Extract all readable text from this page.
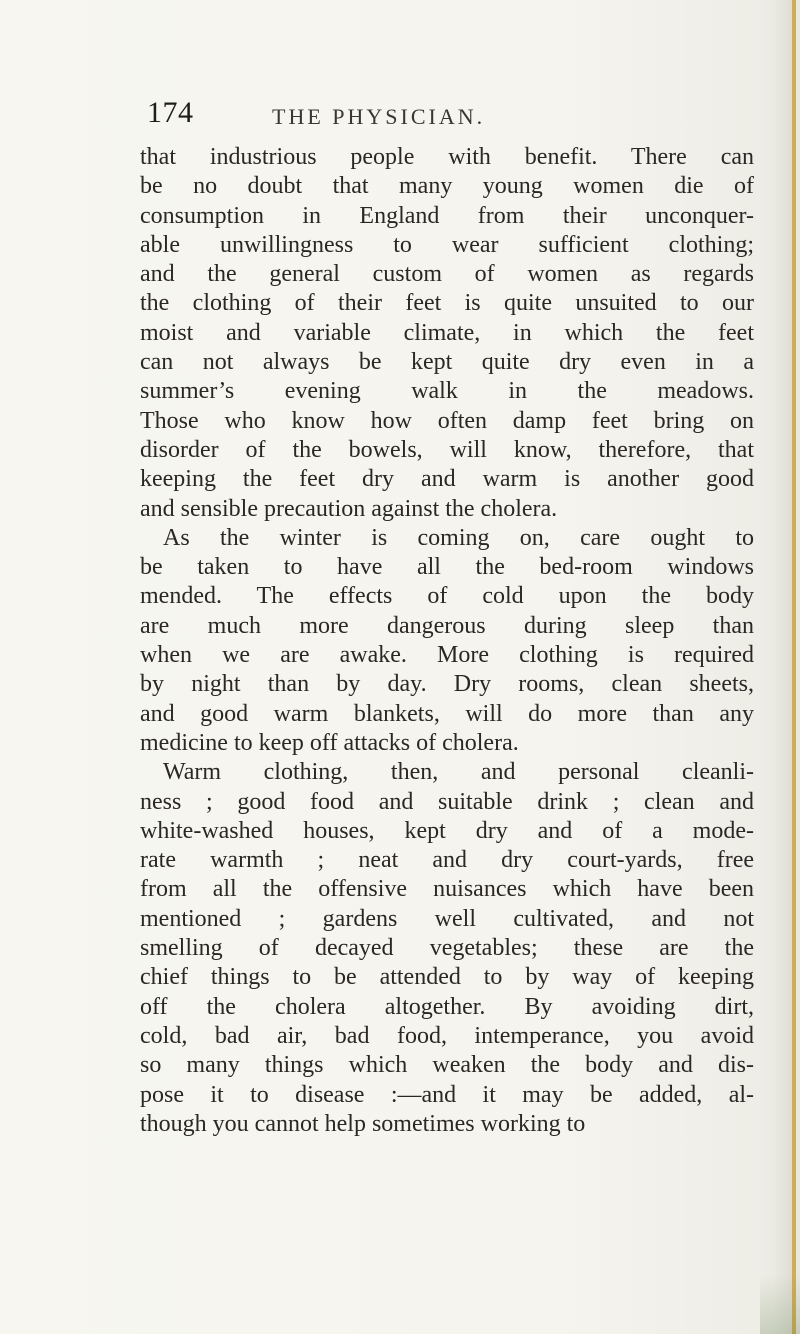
174	THE PHYSICIAN.
that industrious people with benefit. There can
be no doubt that many young women die of
consumption in England from their unconquer-
able unwillingness to wear sufficient clothing;
and the general custom of women as regards
the clothing of their feet is quite unsuited to our
moist and variable climate, in which the feet
can not always be kept quite dry even in a
summer’s evening walk in the meadows.
Those who know how often damp feet bring on
disorder of the bowels, will know, therefore, that
keeping the feet dry and warm is another good
and sensible precaution against the cholera.
As the winter is coming on, care ought to
be taken to have all the bed-room windows
mended. The effects of cold upon the body
are much more dangerous during sleep than
when we are awake. More clothing is required
by night than by day. Dry rooms, clean sheets,
and good warm blankets, will do more than any
medicine to keep off attacks of cholera.
Warm clothing, then, and personal cleanli-
ness ; good food and suitable drink ; clean and
white-washed houses, kept dry and of a mode-
rate warmth ; neat and dry court-yards, free
from all the offensive nuisances which have been
mentioned ; gardens well cultivated, and not
smelling of decayed vegetables; these are the
chief things to be attended to by way of keeping
off the cholera altogether. By avoiding dirt,
cold, bad air, bad food, intemperance, you avoid
so many things which weaken the body and dis-
pose it to disease :—and it may be added, al-
though you cannot help sometimes working to
